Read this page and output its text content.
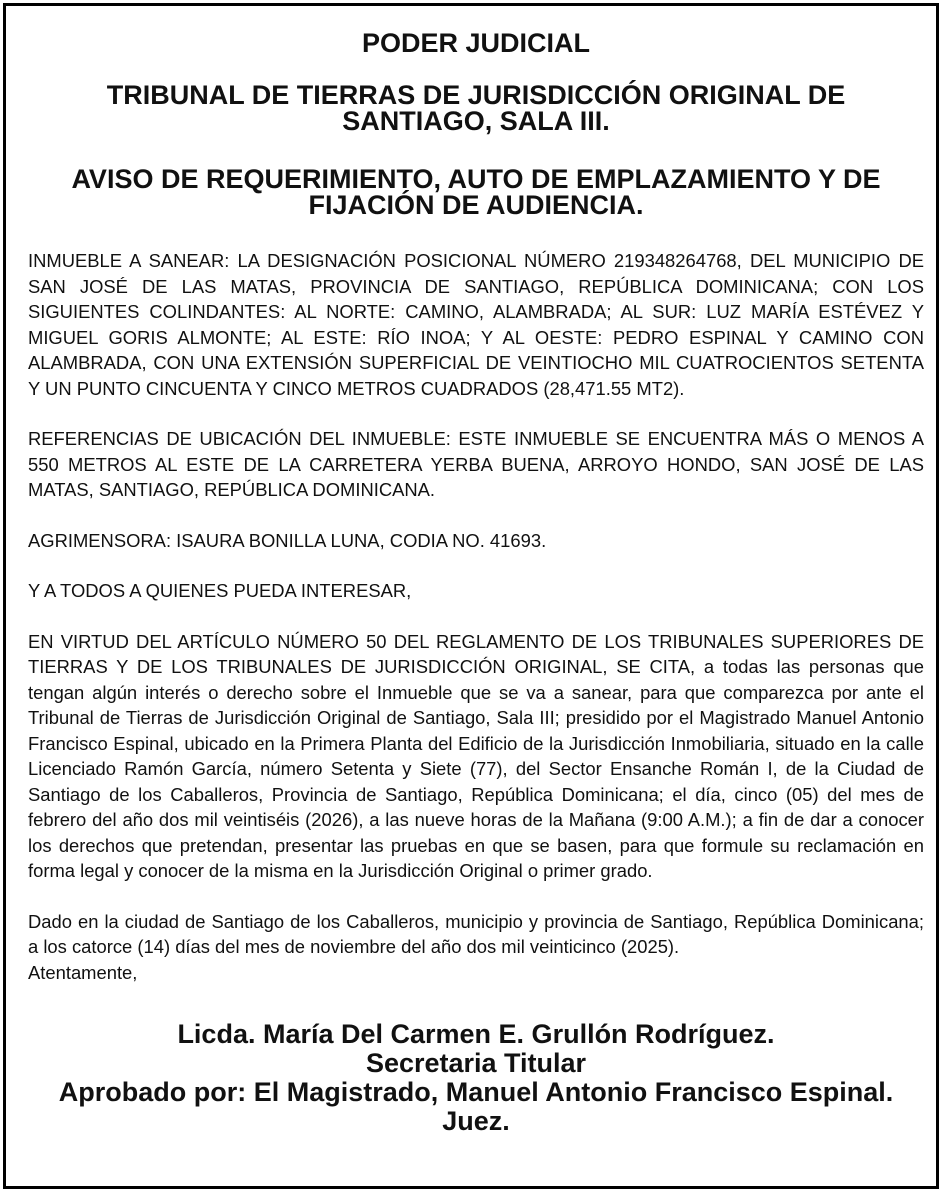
PODER JUDICIAL
TRIBUNAL DE TIERRAS DE JURISDICCIÓN ORIGINAL DE SANTIAGO, SALA III.
AVISO DE REQUERIMIENTO, AUTO DE EMPLAZAMIENTO Y DE FIJACIÓN DE AUDIENCIA.

INMUEBLE A SANEAR: LA DESIGNACIÓN POSICIONAL NÚMERO 219348264768, DEL MUNICIPIO DE SAN JOSÉ DE LAS MATAS, PROVINCIA DE SANTIAGO, REPÚBLICA DOMINICANA; CON LOS SIGUIENTES COLINDANTES: AL NORTE: CAMINO, ALAMBRADA; AL SUR: LUZ MARÍA ESTÉVEZ Y MIGUEL GORIS ALMONTE; AL ESTE: RÍO INOA; Y AL OESTE: PEDRO ESPINAL Y CAMINO CON ALAMBRADA, CON UNA EXTENSIÓN SUPERFICIAL DE VEINTIOCHO MIL CUATROCIENTOS SETENTA Y UN PUNTO CINCUENTA Y CINCO METROS CUADRADOS (28,471.55 MT2).

REFERENCIAS DE UBICACIÓN DEL INMUEBLE: ESTE INMUEBLE SE ENCUENTRA MÁS O MENOS A 550 METROS AL ESTE DE LA CARRETERA YERBA BUENA, ARROYO HONDO, SAN JOSÉ DE LAS MATAS, SANTIAGO, REPÚBLICA DOMINICANA.

AGRIMENSORA: ISAURA BONILLA LUNA, CODIA NO. 41693.

Y A TODOS A QUIENES PUEDA INTERESAR,

EN VIRTUD DEL ARTÍCULO NÚMERO 50 DEL REGLAMENTO DE LOS TRIBUNALES SUPERIORES DE TIERRAS Y DE LOS TRIBUNALES DE JURISDICCIÓN ORIGINAL, SE CITA, a todas las personas que tengan algún interés o derecho sobre el Inmueble que se va a sanear, para que comparezca por ante el Tribunal de Tierras de Jurisdicción Original de Santiago, Sala III; presidido por el Magistrado Manuel Antonio Francisco Espinal, ubicado en la Primera Planta del Edificio de la Jurisdicción Inmobiliaria, situado en la calle Licenciado Ramón García, número Setenta y Siete (77), del Sector Ensanche Román I, de la Ciudad de Santiago de los Caballeros, Provincia de Santiago, República Dominicana; el día, cinco (05) del mes de febrero del año dos mil veintiséis (2026), a las nueve horas de la Mañana (9:00 A.M.); a fin de dar a conocer los derechos que pretendan, presentar las pruebas en que se basen, para que formule su reclamación en forma legal y conocer de la misma en la Jurisdicción Original o primer grado.

Dado en la ciudad de Santiago de los Caballeros, municipio y provincia de Santiago, República Dominicana; a los catorce (14) días del mes de noviembre del año dos mil veinticinco (2025).

Atentamente,

Licda. María Del Carmen E. Grullón Rodríguez.

Secretaria Titular

Aprobado por: El Magistrado, Manuel Antonio Francisco Espinal. Juez.
